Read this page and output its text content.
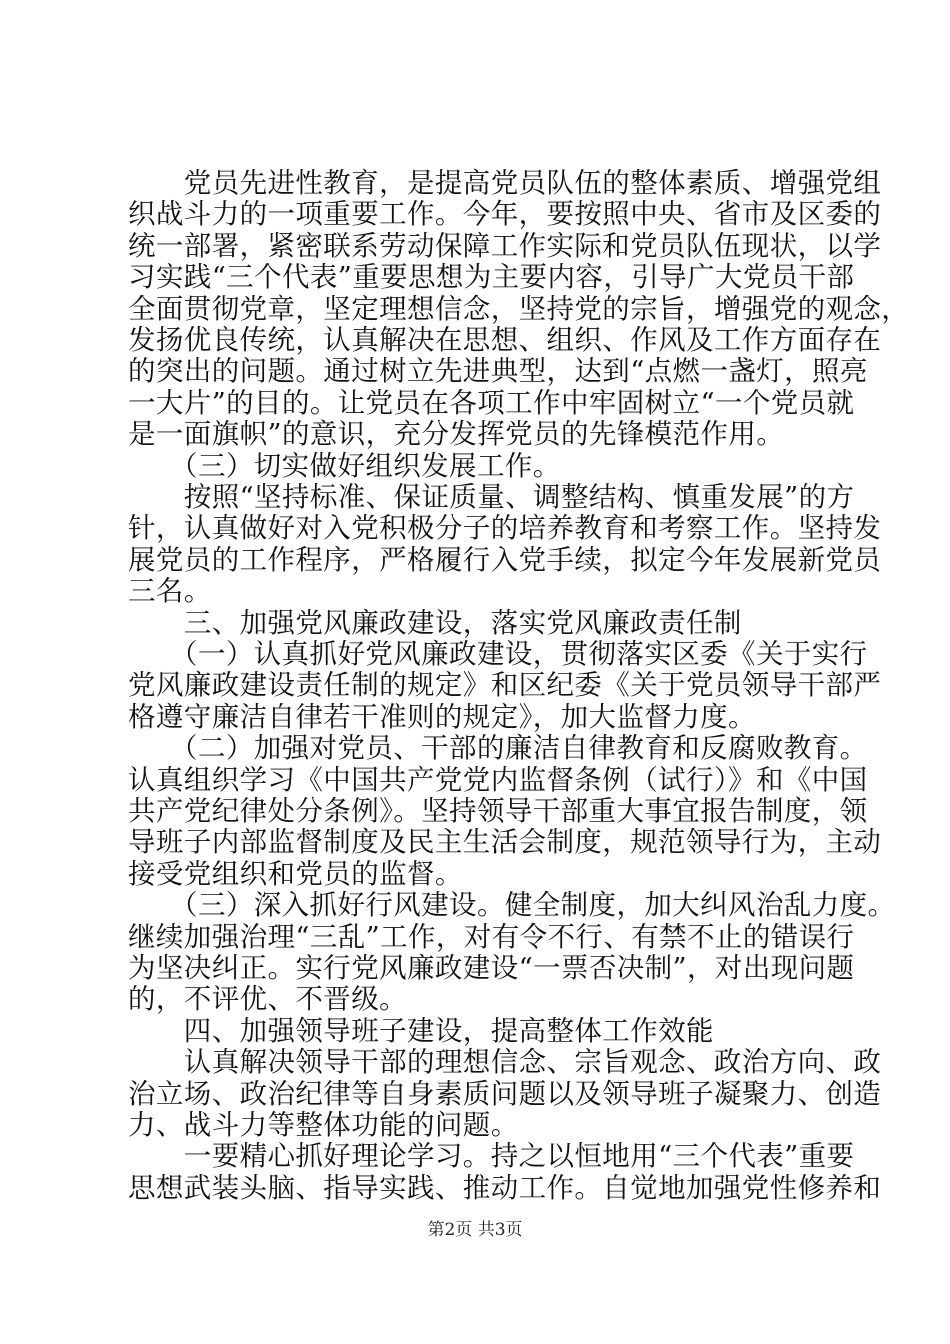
　　党员先进性教育，是提高党员队伍的整体素质、增强党组
织战斗力的一项重要工作。今年，要按照中央、省市及区委的
统一部署，紧密联系劳动保障工作实际和党员队伍现状，以学
习实践“三个代表”重要思想为主要内容，引导广大党员干部
全面贯彻党章，坚定理想信念，坚持党的宗旨，增强党的观念，
发扬优良传统，认真解决在思想、组织、作风及工作方面存在
的突出的问题。通过树立先进典型，达到“点燃一盏灯，照亮
一大片”的目的。让党员在各项工作中牢固树立“一个党员就
是一面旗帜”的意识，充分发挥党员的先锋模范作用。
　　（三）切实做好组织发展工作。
　　按照“坚持标准、保证质量、调整结构、慎重发展”的方
针，认真做好对入党积极分子的培养教育和考察工作。坚持发
展党员的工作程序，严格履行入党手续，拟定今年发展新党员
三名。
　　三、加强党风廉政建设，落实党风廉政责任制
　　（一）认真抓好党风廉政建设，贯彻落实区委《关于实行
党风廉政建设责任制的规定》和区纪委《关于党员领导干部严
格遵守廉洁自律若干准则的规定》，加大监督力度。
　　（二）加强对党员、干部的廉洁自律教育和反腐败教育。
认真组织学习《中国共产党党内监督条例（试行）》和《中国
共产党纪律处分条例》。坚持领导干部重大事宜报告制度，领
导班子内部监督制度及民主生活会制度，规范领导行为，主动
接受党组织和党员的监督。
　　（三）深入抓好行风建设。健全制度，加大纠风治乱力度。
继续加强治理“三乱”工作，对有令不行、有禁不止的错误行
为坚决纠正。实行党风廉政建设“一票否决制”，对出现问题
的，不评优、不晋级。
　　四、加强领导班子建设，提高整体工作效能
　　认真解决领导干部的理想信念、宗旨观念、政治方向、政
治立场、政治纪律等自身素质问题以及领导班子凝聚力、创造
力、战斗力等整体功能的问题。
　　一要精心抓好理论学习。持之以恒地用“三个代表”重要
思想武装头脑、指导实践、推动工作。自觉地加强党性修养和
第2页 共3页
